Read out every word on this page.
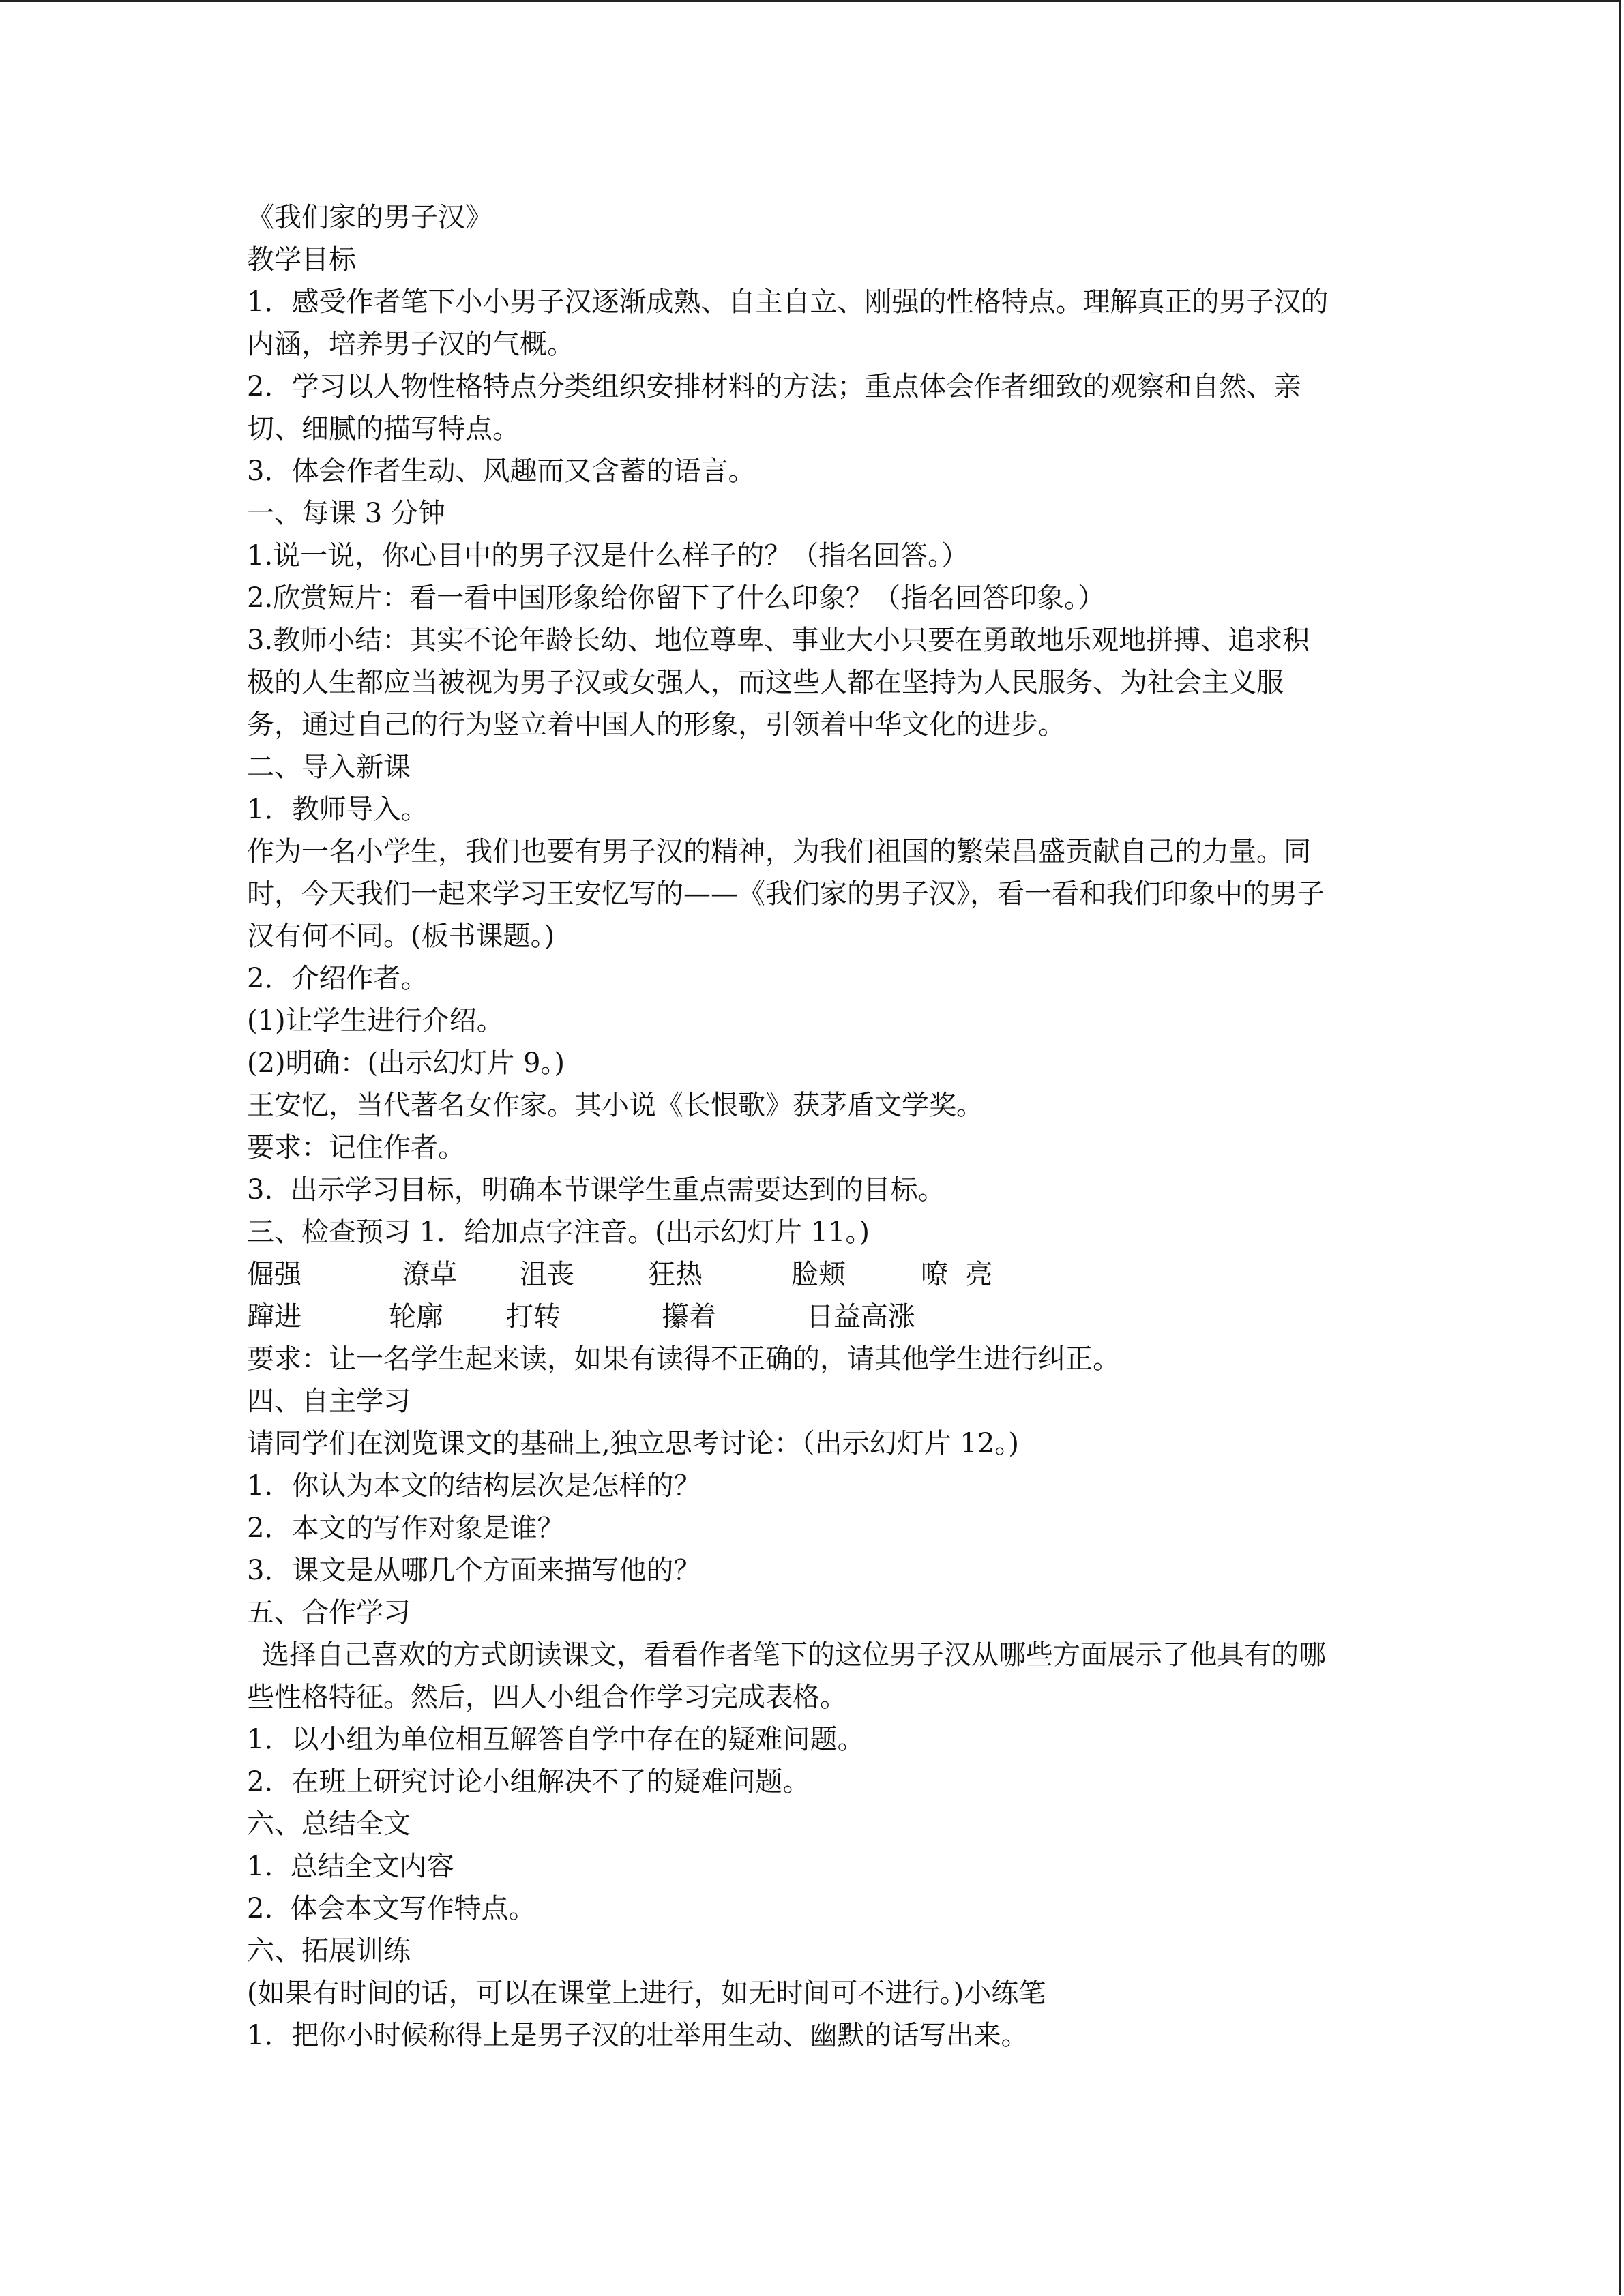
《我们家的男子汉》
教学目标
1．感受作者笔下小小男子汉逐渐成熟、自主自立、刚强的性格特点。理解真正的男子汉的
内涵，培养男子汉的气概。
2．学习以人物性格特点分类组织安排材料的方法；重点体会作者细致的观察和自然、亲
切、细腻的描写特点。
3．体会作者生动、风趣而又含蓄的语言。
一、每课 3 分钟
1.说一说，你心目中的男子汉是什么样子的？（指名回答。）
2.欣赏短片：看一看中国形象给你留下了什么印象？（指名回答印象。）
3.教师小结：其实不论年龄长幼、地位尊卑、事业大小只要在勇敢地乐观地拼搏、追求积
极的人生都应当被视为男子汉或女强人，而这些人都在坚持为人民服务、为社会主义服
务，通过自己的行为竖立着中国人的形象，引领着中华文化的进步。
二、导入新课
1．教师导入。
作为一名小学生，我们也要有男子汉的精神，为我们祖国的繁荣昌盛贡献自己的力量。同
时，今天我们一起来学习王安忆写的——《我们家的男子汉》，看一看和我们印象中的男子
汉有何不同。(板书课题。)
2．介绍作者。
(1)让学生进行介绍。
(2)明确：(出示幻灯片 9。)
王安忆，当代著名女作家。其小说《长恨歌》获茅盾文学奖。
要求：记住作者。
3.  出示学习目标，明确本节课学生重点需要达到的目标。
三、检查预习 1．给加点字注音。(出示幻灯片 11。)
倔强	潦草 沮丧	狂热	脸颊	嘹  亮
蹿进	轮廓 打转	攥着	日益高涨
要求：让一名学生起来读，如果有读得不正确的，请其他学生进行纠正。
四、自主学习
请同学们在浏览课文的基础上,独立思考讨论：（出示幻灯片 12。)
1．你认为本文的结构层次是怎样的？
2．本文的写作对象是谁？
3．课文是从哪几个方面来描写他的？
五、合作学习
选择自己喜欢的方式朗读课文，看看作者笔下的这位男子汉从哪些方面展示了他具有的哪
些性格特征。然后，四人小组合作学习完成表格。
1．以小组为单位相互解答自学中存在的疑难问题。
2．在班上研究讨论小组解决不了的疑难问题。
六、总结全文
1.  总结全文内容
2.  体会本文写作特点。
六、拓展训练
(如果有时间的话，可以在课堂上进行，如无时间可不进行。)小练笔
1．把你小时候称得上是男子汉的壮举用生动、幽默的话写出来。
